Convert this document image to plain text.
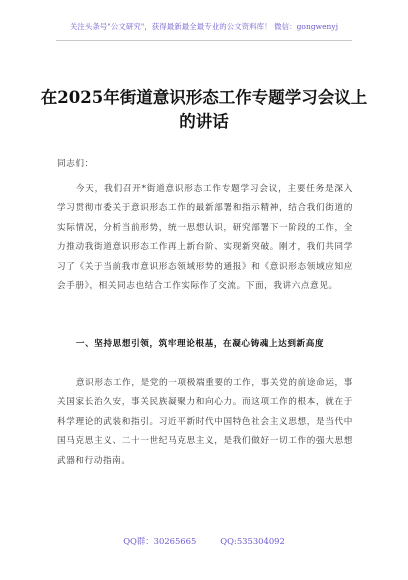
关注头条号"公文研究"，获得最新最全最专业的公文资料库！ 微信：gongwenyj
在2025年街道意识形态工作专题学习会议上的讲话
同志们：
今天，我们召开*街道意识形态工作专题学习会议，主要任务是深入学习贯彻市委关于意识形态工作的最新部署和指示精神，结合我们街道的实际情况，分析当前形势，统一思想认识，研究部署下一阶段的工作，全力推动我街道意识形态工作再上新台阶、实现新突破。刚才，我们共同学习了《关于当前我市意识形态领域形势的通报》和《意识形态领域应知应会手册》，相关同志也结合工作实际作了交流。下面，我讲六点意见。
一、坚持思想引领，筑牢理论根基，在凝心铸魂上达到新高度
意识形态工作，是党的一项极端重要的工作，事关党的前途命运，事关国家长治久安，事关民族凝聚力和向心力。而这项工作的根本，就在于科学理论的武装和指引。习近平新时代中国特色社会主义思想，是当代中国马克思主义、二十一世纪马克思主义，是我们做好一切工作的强大思想武器和行动指南。
QQ群：30265665	QQ:535304092
